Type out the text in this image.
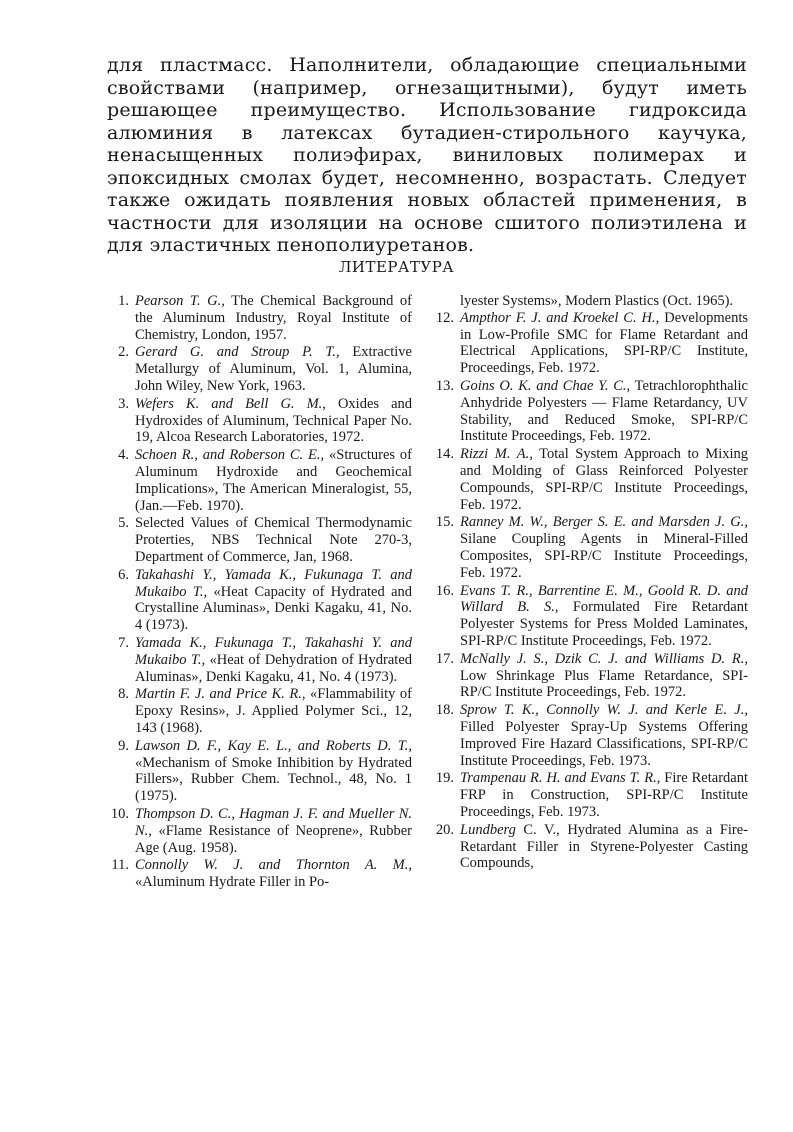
для пластмасс. Наполнители, обладающие специальными свойствами (например, огнезащитными), будут иметь решающее преимущество. Использование гидроксида алюминия в латексах бутадиен-стирольного каучука, ненасыщенных полиэфирах, виниловых полимерах и эпоксидных смолах будет, несомненно, возрастать. Следует также ожидать появления новых областей применения, в частности для изоляции на основе сшитого полиэтилена и для эластичных пенополиуретанов.
ЛИТЕРАТУРА
1. Pearson T. G., The Chemical Background of the Aluminum Industry, Royal Institute of Chemistry, London, 1957.
2. Gerard G. and Stroup P. T., Extractive Metallurgy of Aluminum, Vol. 1, Alumina, John Wiley, New York, 1963.
3. Wefers K. and Bell G. M., Oxides and Hydroxides of Aluminum, Technical Paper No. 19, Alcoa Research Laboratories, 1972.
4. Schoen R., and Roberson C. E., «Structures of Aluminum Hydroxide and Geochemical Implications», The American Mineralogist, 55, (Jan.—Feb. 1970).
5. Selected Values of Chemical Thermodynamic Proterties, NBS Technical Note 270-3, Department of Commerce, Jan, 1968.
6. Takahashi Y., Yamada K., Fukunaga T. and Mukaibo T., «Heat Capacity of Hydrated and Crystalline Aluminas», Denki Kagaku, 41, No. 4 (1973).
7. Yamada K., Fukunaga T., Takahashi Y. and Mukaibo T., «Heat of Dehydration of Hydrated Aluminas», Denki Kagaku, 41, No. 4 (1973).
8. Martin F. J. and Price K. R., «Flammability of Epoxy Resins», J. Applied Polymer Sci., 12, 143 (1968).
9. Lawson D. F., Kay E. L., and Roberts D. T., «Mechanism of Smoke Inhibition by Hydrated Fillers», Rubber Chem. Technol., 48, No. 1 (1975).
10. Thompson D. C., Hagman J. F. and Mueller N. N., «Flame Resistance of Neoprene», Rubber Age (Aug. 1958).
11. Connolly W. J. and Thornton A. M., «Aluminum Hydrate Filler in Po-
lyester Systems», Modern Plastics (Oct. 1965).
12. Ampthor F. J. and Kroekel C. H., Developments in Low-Profile SMC for Flame Retardant and Electrical Applications, SPI-RP/C Institute, Proceedings, Feb. 1972.
13. Goins O. K. and Chae Y. C., Tetrachlorophthalic Anhydride Polyesters — Flame Retardancy, UV Stability, and Reduced Smoke, SPI-RP/C Institute Proceedings, Feb. 1972.
14. Rizzi M. A., Total System Approach to Mixing and Molding of Glass Reinforced Polyester Compounds, SPI-RP/C Institute Proceedings, Feb. 1972.
15. Ranney M. W., Berger S. E. and Marsden J. G., Silane Coupling Agents in Mineral-Filled Composites, SPI-RP/C Institute Proceedings, Feb. 1972.
16. Evans T. R., Barrentine E. M., Goold R. D. and Willard B. S., Formulated Fire Retardant Polyester Systems for Press Molded Laminates, SPI-RP/C Institute Proceedings, Feb. 1972.
17. McNally J. S., Dzik C. J. and Williams D. R., Low Shrinkage Plus Flame Retardance, SPI-RP/C Institute Proceedings, Feb. 1972.
18. Sprow T. K., Connolly W. J. and Kerle E. J., Filled Polyester Spray-Up Systems Offering Improved Fire Hazard Classifications, SPI-RP/C Institute Proceedings, Feb. 1973.
19. Trampenau R. H. and Evans T. R., Fire Retardant FRP in Construction, SPI-RP/C Institute Proceedings, Feb. 1973.
20. Lundberg C. V., Hydrated Alumina as a Fire-Retardant Filler in Styrene-Polyester Casting Compounds,
